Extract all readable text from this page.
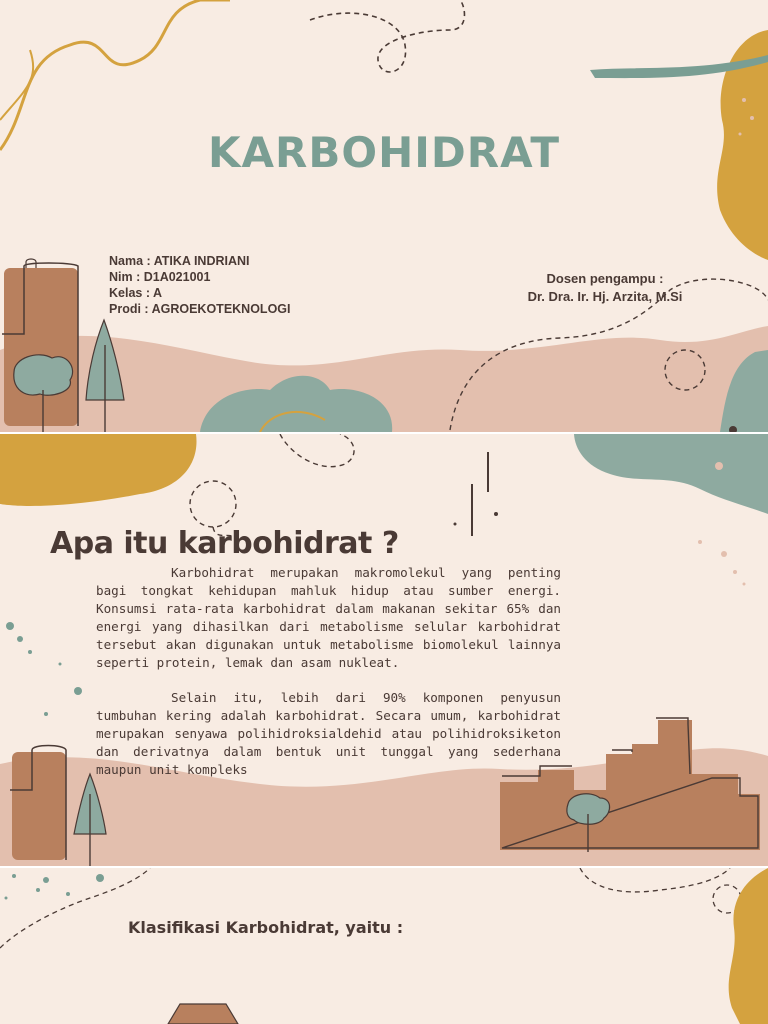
KARBOHIDRAT
Nama : ATIKA INDRIANI
Nim : D1A021001
Kelas : A
Prodi : AGROEKOTEKNOLOGI
Dosen pengampu :
Dr. Dra. Ir. Hj. Arzita, M.Si
Apa itu karbohidrat ?

Karbohidrat merupakan makromolekul yang penting bagi tongkat kehidupan mahluk hidup atau sumber energi. Konsumsi rata-rata karbohidrat dalam makanan sekitar 65% dan energi yang dihasilkan dari metabolisme selular karbohidrat tersebut akan digunakan untuk metabolisme biomolekul lainnya seperti protein, lemak dan asam nukleat.

Selain itu, lebih dari 90% komponen penyusun tumbuhan kering adalah karbohidrat. Secara umum, karbohidrat merupakan senyawa polihidroksialdehid atau polihidroksiketon dan derivatnya dalam bentuk unit tunggal yang sederhana maupun unit kompleks

Klasifikasi Karbohidrat, yaitu :
